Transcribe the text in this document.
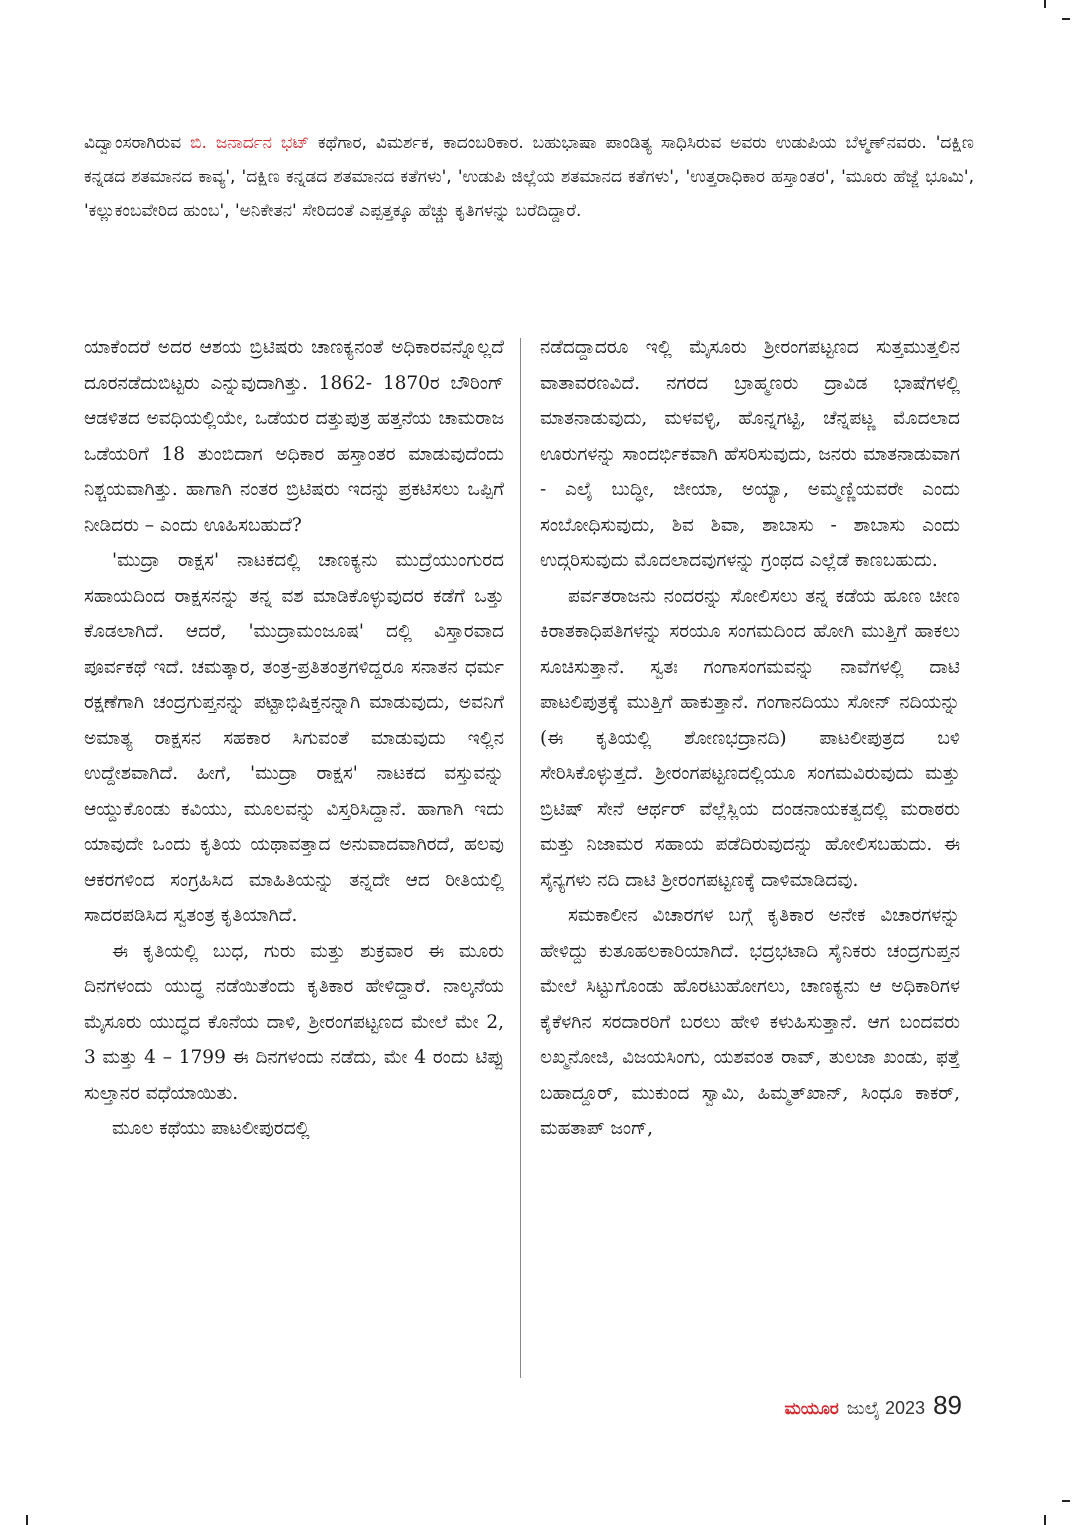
ವಿದ್ವಾಂಸರಾಗಿರುವ ಬಿ. ಜನಾರ್ದನ ಭಟ್ ಕಥೆಗಾರ, ವಿಮರ್ಶಕ, ಕಾದಂಬರಿಕಾರ. ಬಹುಭಾಷಾ ಪಾಂಡಿತ್ಯ ಸಾಧಿಸಿರುವ ಅವರು ಉಡುಪಿಯ ಬೆಳ್ಮಣ್‌ನವರು. 'ದಕ್ಷಿಣ ಕನ್ನಡದ ಶತಮಾನದ ಕಾವ್ಯ', 'ದಕ್ಷಿಣ ಕನ್ನಡದ ಶತಮಾನದ ಕತೆಗಳು', 'ಉಡುಪಿ ಜಿಲ್ಲೆಯ ಶತಮಾನದ ಕತೆಗಳು', 'ಉತ್ತರಾಧಿಕಾರ ಹಸ್ತಾಂತರ', 'ಮೂರು ಹೆಜ್ಜೆ ಭೂಮಿ', 'ಕಲ್ಲುಕಂಬವೇರಿದ ಹುಂಬ', 'ಅನಿಕೇತನ' ಸೇರಿದಂತೆ ಎಪ್ಪತ್ತಕ್ಕೂ ಹೆಚ್ಚು ಕೃತಿಗಳನ್ನು ಬರೆದಿದ್ದಾರೆ.

ಯಾಕೆಂದರೆ ಅದರ ಆಶಯ ಬ್ರಿಟಿಷರು ಚಾಣಕ್ಯನಂತೆ ಅಧಿಕಾರವನ್ನೊಲ್ಲದೆ ದೂರನಡೆದುಬಿಟ್ಟರು ಎನ್ನುವುದಾಗಿತ್ತು. 1862- 1870ರ ಬೌರಿಂಗ್ ಆಡಳಿತದ ಅವಧಿಯಲ್ಲಿಯೇ, ಒಡೆಯರ ದತ್ತುಪುತ್ರ ಹತ್ತನೆಯ ಚಾಮರಾಜ ಒಡೆಯರಿಗೆ 18 ತುಂಬಿದಾಗ ಅಧಿಕಾರ ಹಸ್ತಾಂತರ ಮಾಡುವುದೆಂದು ನಿಶ್ಚಯವಾಗಿತ್ತು. ಹಾಗಾಗಿ ನಂತರ ಬ್ರಿಟಿಷರು ಇದನ್ನು ಪ್ರಕಟಿಸಲು ಒಪ್ಪಿಗೆ ನೀಡಿದರು – ಎಂದು ಊಹಿಸಬಹುದೆ?

'ಮುದ್ರಾ ರಾಕ್ಷಸ' ನಾಟಕದಲ್ಲಿ ಚಾಣಕ್ಯನು ಮುದ್ರೆಯುಂಗುರದ ಸಹಾಯದಿಂದ ರಾಕ್ಷಸನನ್ನು ತನ್ನ ವಶ ಮಾಡಿಕೊಳ್ಳುವುದರ ಕಡೆಗೆ ಒತ್ತು ಕೊಡಲಾಗಿದೆ. ಆದರೆ, 'ಮುದ್ರಾಮಂಜೂಷ' ದಲ್ಲಿ ವಿಸ್ತಾರವಾದ ಪೂರ್ವಕಥೆ ಇದೆ. ಚಮತ್ಕಾರ, ತಂತ್ರ-ಪ್ರತಿತಂತ್ರಗಳಿದ್ದರೂ ಸನಾತನ ಧರ್ಮ ರಕ್ಷಣೆಗಾಗಿ ಚಂದ್ರಗುಪ್ತನನ್ನು ಪಟ್ಟಾಭಿಷಿಕ್ತನನ್ನಾಗಿ ಮಾಡುವುದು, ಅವನಿಗೆ ಅಮಾತ್ಯ ರಾಕ್ಷಸನ ಸಹಕಾರ ಸಿಗುವಂತೆ ಮಾಡುವುದು ಇಲ್ಲಿನ ಉದ್ದೇಶವಾಗಿದೆ. ಹೀಗೆ, 'ಮುದ್ರಾ ರಾಕ್ಷಸ' ನಾಟಕದ ವಸ್ತುವನ್ನು ಆಯ್ದುಕೊಂಡು ಕವಿಯು, ಮೂಲವನ್ನು ವಿಸ್ತರಿಸಿದ್ದಾನೆ. ಹಾಗಾಗಿ ಇದು ಯಾವುದೇ ಒಂದು ಕೃತಿಯ ಯಥಾವತ್ತಾದ ಅನುವಾದವಾಗಿರದೆ, ಹಲವು ಆಕರಗಳಿಂದ ಸಂಗ್ರಹಿಸಿದ ಮಾಹಿತಿಯನ್ನು ತನ್ನದೇ ಆದ ರೀತಿಯಲ್ಲಿ ಸಾದರಪಡಿಸಿದ ಸ್ವತಂತ್ರ ಕೃತಿಯಾಗಿದೆ.

ಈ ಕೃತಿಯಲ್ಲಿ ಬುಧ, ಗುರು ಮತ್ತು ಶುಕ್ರವಾರ ಈ ಮೂರು ದಿನಗಳಂದು ಯುದ್ಧ ನಡೆಯಿತೆಂದು ಕೃತಿಕಾರ ಹೇಳಿದ್ದಾರೆ. ನಾಲ್ಕನೆಯ ಮೈಸೂರು ಯುದ್ಧದ ಕೊನೆಯ ದಾಳಿ, ಶ್ರೀರಂಗಪಟ್ಟಣದ ಮೇಲೆ ಮೇ 2, 3 ಮತ್ತು 4 – 1799 ಈ ದಿನಗಳಂದು ನಡೆದು, ಮೇ 4 ರಂದು ಟಿಪ್ಪು ಸುಲ್ತಾನರ ವಧೆಯಾಯಿತು.

ಮೂಲ ಕಥೆಯು ಪಾಟಲೀಪುರದಲ್ಲಿ

ನಡೆದದ್ದಾದರೂ ಇಲ್ಲಿ ಮೈಸೂರು ಶ್ರೀರಂಗಪಟ್ಟಣದ ಸುತ್ತಮುತ್ತಲಿನ ವಾತಾವರಣವಿದೆ. ನಗರದ ಬ್ರಾಹ್ಮಣರು ದ್ರಾವಿಡ ಭಾಷೆಗಳಲ್ಲಿ ಮಾತನಾಡುವುದು, ಮಳವಳ್ಳಿ, ಹೊನ್ನಗಟ್ಟಿ, ಚೆನ್ನಪಟ್ಣ ಮೊದಲಾದ ಊರುಗಳನ್ನು ಸಾಂದರ್ಭಿಕವಾಗಿ ಹೆಸರಿಸುವುದು, ಜನರು ಮಾತನಾಡುವಾಗ - ಎಲೈ ಬುದ್ಧೀ, ಜೀಯಾ, ಅಯ್ಯಾ, ಅಮ್ಮಣ್ಣಿಯವರೇ ಎಂದು ಸಂಬೋಧಿಸುವುದು, ಶಿವ ಶಿವಾ, ಶಾಬಾಸು - ಶಾಬಾಸು ಎಂದು ಉದ್ಗರಿಸುವುದು ಮೊದಲಾದವುಗಳನ್ನು ಗ್ರಂಥದ ಎಲ್ಲೆಡೆ ಕಾಣಬಹುದು.

ಪರ್ವತರಾಜನು ನಂದರನ್ನು ಸೋಲಿಸಲು ತನ್ನ ಕಡೆಯ ಹೂಣ ಚೀಣ ಕಿರಾತಕಾಧಿಪತಿಗಳನ್ನು ಸರಯೂ ಸಂಗಮದಿಂದ ಹೋಗಿ ಮುತ್ತಿಗೆ ಹಾಕಲು ಸೂಚಿಸುತ್ತಾನೆ. ಸ್ವತಃ ಗಂಗಾಸಂಗಮವನ್ನು ನಾವೆಗಳಲ್ಲಿ ದಾಟಿ ಪಾಟಲಿಪುತ್ರಕ್ಕೆ ಮುತ್ತಿಗೆ ಹಾಕುತ್ತಾನೆ. ಗಂಗಾನದಿಯು ಸೋನ್ ನದಿಯನ್ನು (ಈ ಕೃತಿಯಲ್ಲಿ ಶೋಣಭದ್ರಾನದಿ) ಪಾಟಲೀಪುತ್ರದ ಬಳಿ ಸೇರಿಸಿಕೊಳ್ಳುತ್ತದೆ. ಶ್ರೀರಂಗಪಟ್ಟಣದಲ್ಲಿಯೂ ಸಂಗಮವಿರುವುದು ಮತ್ತು ಬ್ರಿಟಿಷ್ ಸೇನೆ ಆರ್ಥರ್ ವೆಲ್ಲೆಸ್ಲಿಯ ದಂಡನಾಯಕತ್ವದಲ್ಲಿ ಮರಾಠರು ಮತ್ತು ನಿಜಾಮರ ಸಹಾಯ ಪಡೆದಿರುವುದನ್ನು ಹೋಲಿಸಬಹುದು. ಈ ಸೈನ್ಯಗಳು ನದಿ ದಾಟಿ ಶ್ರೀರಂಗಪಟ್ಟಣಕ್ಕೆ ದಾಳಿಮಾಡಿದವು.

ಸಮಕಾಲೀನ ವಿಚಾರಗಳ ಬಗ್ಗೆ ಕೃತಿಕಾರ ಅನೇಕ ವಿಚಾರಗಳನ್ನು ಹೇಳಿದ್ದು ಕುತೂಹಲಕಾರಿಯಾಗಿದೆ. ಭದ್ರಭಟಾದಿ ಸೈನಿಕರು ಚಂದ್ರಗುಪ್ತನ ಮೇಲೆ ಸಿಟ್ಟುಗೊಂಡು ಹೊರಟುಹೋಗಲು, ಚಾಣಕ್ಯನು ಆ ಅಧಿಕಾರಿಗಳ ಕೈಕೆಳಗಿನ ಸರದಾರರಿಗೆ ಬರಲು ಹೇಳಿ ಕಳುಹಿಸುತ್ತಾನೆ. ಆಗ ಬಂದವರು ಲಖ್ಮನೋಜಿ, ವಿಜಯಸಿಂಗು, ಯಶವಂತ ರಾವ್, ತುಲಜಾ ಖಂಡು, ಫತ್ತೆ ಬಹಾದ್ದೂರ್, ಮುಕುಂದ ಸ್ವಾಮಿ, ಹಿಮ್ಮತ್‌ಖಾನ್, ಸಿಂಧೂ ಕಾಕರ್, ಮಹತಾಪ್ ಜಂಗ್,

ಮಯೂರ ಜುಲೈ 2023 89
